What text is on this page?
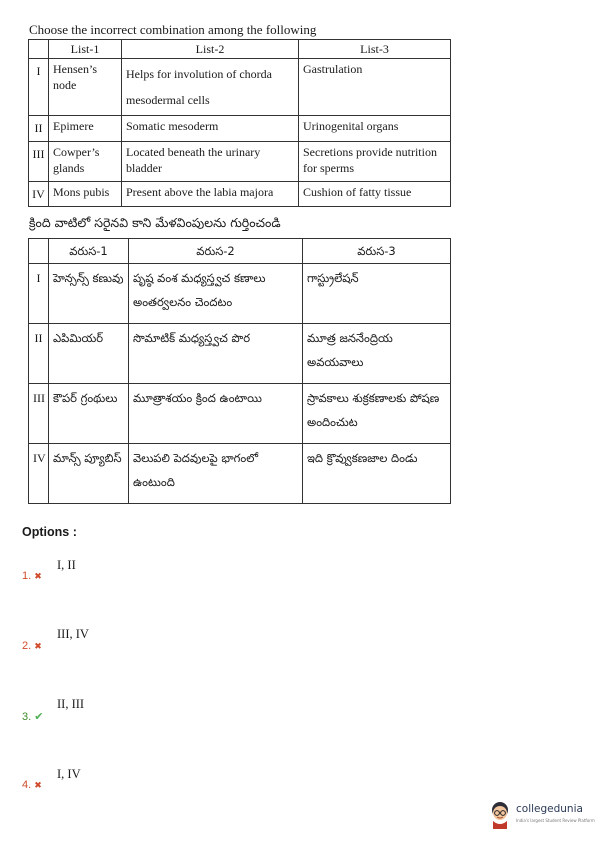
Choose the incorrect combination among the following
	List-1	List-2	List-3
I	Hensen’s node	Helps for involution of chorda mesodermal cells	Gastrulation
II	Epimere	Somatic mesoderm	Urinogenital organs
III	Cowper’s glands	Located beneath the urinary bladder	Secretions provide nutrition for sperms
IV	Mons pubis	Present above the labia majora	Cushion of fatty tissue
క్రింది వాటిలో సరైనవి కాని మేళవింపులను గుర్తించండి
	వరుస-1	వరుస-2	వరుస-3
I	హెన్సన్స్ కణువు	పృష్ఠ వంశ మధ్యస్త్వచ కణాలు అంతర్వలనం చెందటం	గాస్ట్రులేషన్
II	ఎపిమియర్	సొమాటిక్ మధ్యస్త్వచ పొర	మూత్ర జననేంద్రియ అవయవాలు
III	కౌపర్ గ్రంథులు	మూత్రాశయం క్రింద ఉంటాయి	స్రావకాలు శుక్రకణాలకు పోషణ అందించుట
IV	మాన్స్ ప్యూబిస్	వెలుపలి పెదవులపై భాగంలో ఉంటుంది	ఇది క్రొవ్వుకణజాల దిండు
Options :
I, II
1. ✖
III, IV
2. ✖
II, III
3. ✔
I, IV
4. ✖
collegedunia
India's largest Student Review Platform
